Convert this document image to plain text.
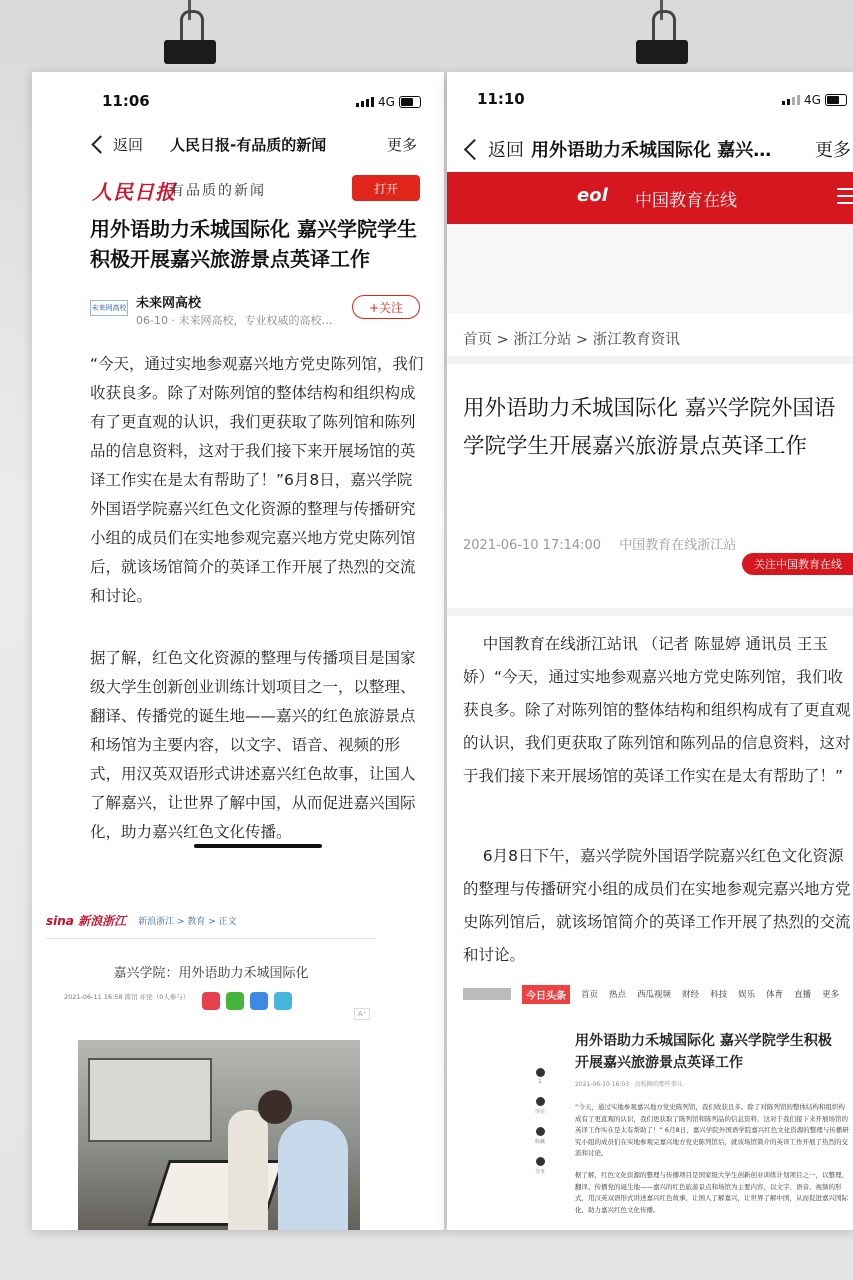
11:06	4G
返回 人民日报-有品质的新闻	更多
人民日报
有品质的新闻	打开
用外语助力禾城国际化 嘉兴学院学生积极开展嘉兴旅游景点英译工作
未来网高校 未来网高校
06-10 · 未来网高校，专业权威的高校…
+关注
“今天，通过实地参观嘉兴地方党史陈列馆，我们收获良多。除了对陈列馆的整体结构和组织构成有了更直观的认识，我们更获取了陈列馆和陈列品的信息资料，这对于我们接下来开展场馆的英译工作实在是太有帮助了！”6月8日，嘉兴学院外国语学院嘉兴红色文化资源的整理与传播研究小组的成员们在实地参观完嘉兴地方党史陈列馆后，就该场馆简介的英译工作开展了热烈的交流和讨论。
据了解，红色文化资源的整理与传播项目是国家级大学生创新创业训练计划项目之一，以整理、翻译、传播党的诞生地——嘉兴的红色旅游景点和场馆为主要内容，以文字、语音、视频的形式，用汉英双语形式讲述嘉兴红色故事，让国人了解嘉兴，让世界了解中国，从而促进嘉兴国际化，助力嘉兴红色文化传播。
sina 新浪浙江 新浪浙江 > 教育 > 正文
嘉兴学院：用外语助力禾城国际化
2021-06-11 16:58 简讯 评论（0人参与）
A⁺
11:10	4G
返回 用外语助力禾城国际化 嘉兴… 更多
eol 中国教育在线
首页 > 浙江分站 > 浙江教育资讯
用外语助力禾城国际化 嘉兴学院外国语学院学生开展嘉兴旅游景点英译工作
2021-06-10 17:14:00 中国教育在线浙江站
关注中国教育在线
中国教育在线浙江站讯 （记者 陈显婷 通讯员 王玉娇）“今天，通过实地参观嘉兴地方党史陈列馆，我们收获良多。除了对陈列馆的整体结构和组织构成有了更直观的认识，我们更获取了陈列馆和陈列品的信息资料，这对于我们接下来开展场馆的英译工作实在是太有帮助了！”
6月8日下午，嘉兴学院外国语学院嘉兴红色文化资源的整理与传播研究小组的成员们在实地参观完嘉兴地方党史陈列馆后，就该场馆简介的英译工作开展了热烈的交流和讨论。
今日头条	首页 热点 西瓜视频 财经 科技 娱乐 体育 直播 更多
用外语助力禾城国际化 嘉兴学院学生积极开展嘉兴旅游景点英译工作
2021-06-10 16:03 · 高校圈的那些事儿
1
评论
收藏
分享
“今天，通过实地参观嘉兴地方党史陈列馆，我们收获良多。除了对陈列馆的整体结构和组织构成有了更直观的认识，我们更获取了陈列馆和陈列品的信息资料，这对于我们接下来开展场馆的英译工作实在是太有帮助了！” 6月8日，嘉兴学院外国语学院嘉兴红色文化资源的整理与传播研究小组的成员们在实地参观完嘉兴地方党史陈列馆后，就该场馆简介的英译工作开展了热烈的交流和讨论。
据了解，红色文化资源的整理与传播项目是国家级大学生创新创业训练计划项目之一，以整理、翻译、传播党的诞生地——嘉兴的红色旅游景点和场馆为主要内容，以文字、语音、视频的形式，用汉英双语形式讲述嘉兴红色故事，让国人了解嘉兴，让世界了解中国，从而促进嘉兴国际化，助力嘉兴红色文化传播。
